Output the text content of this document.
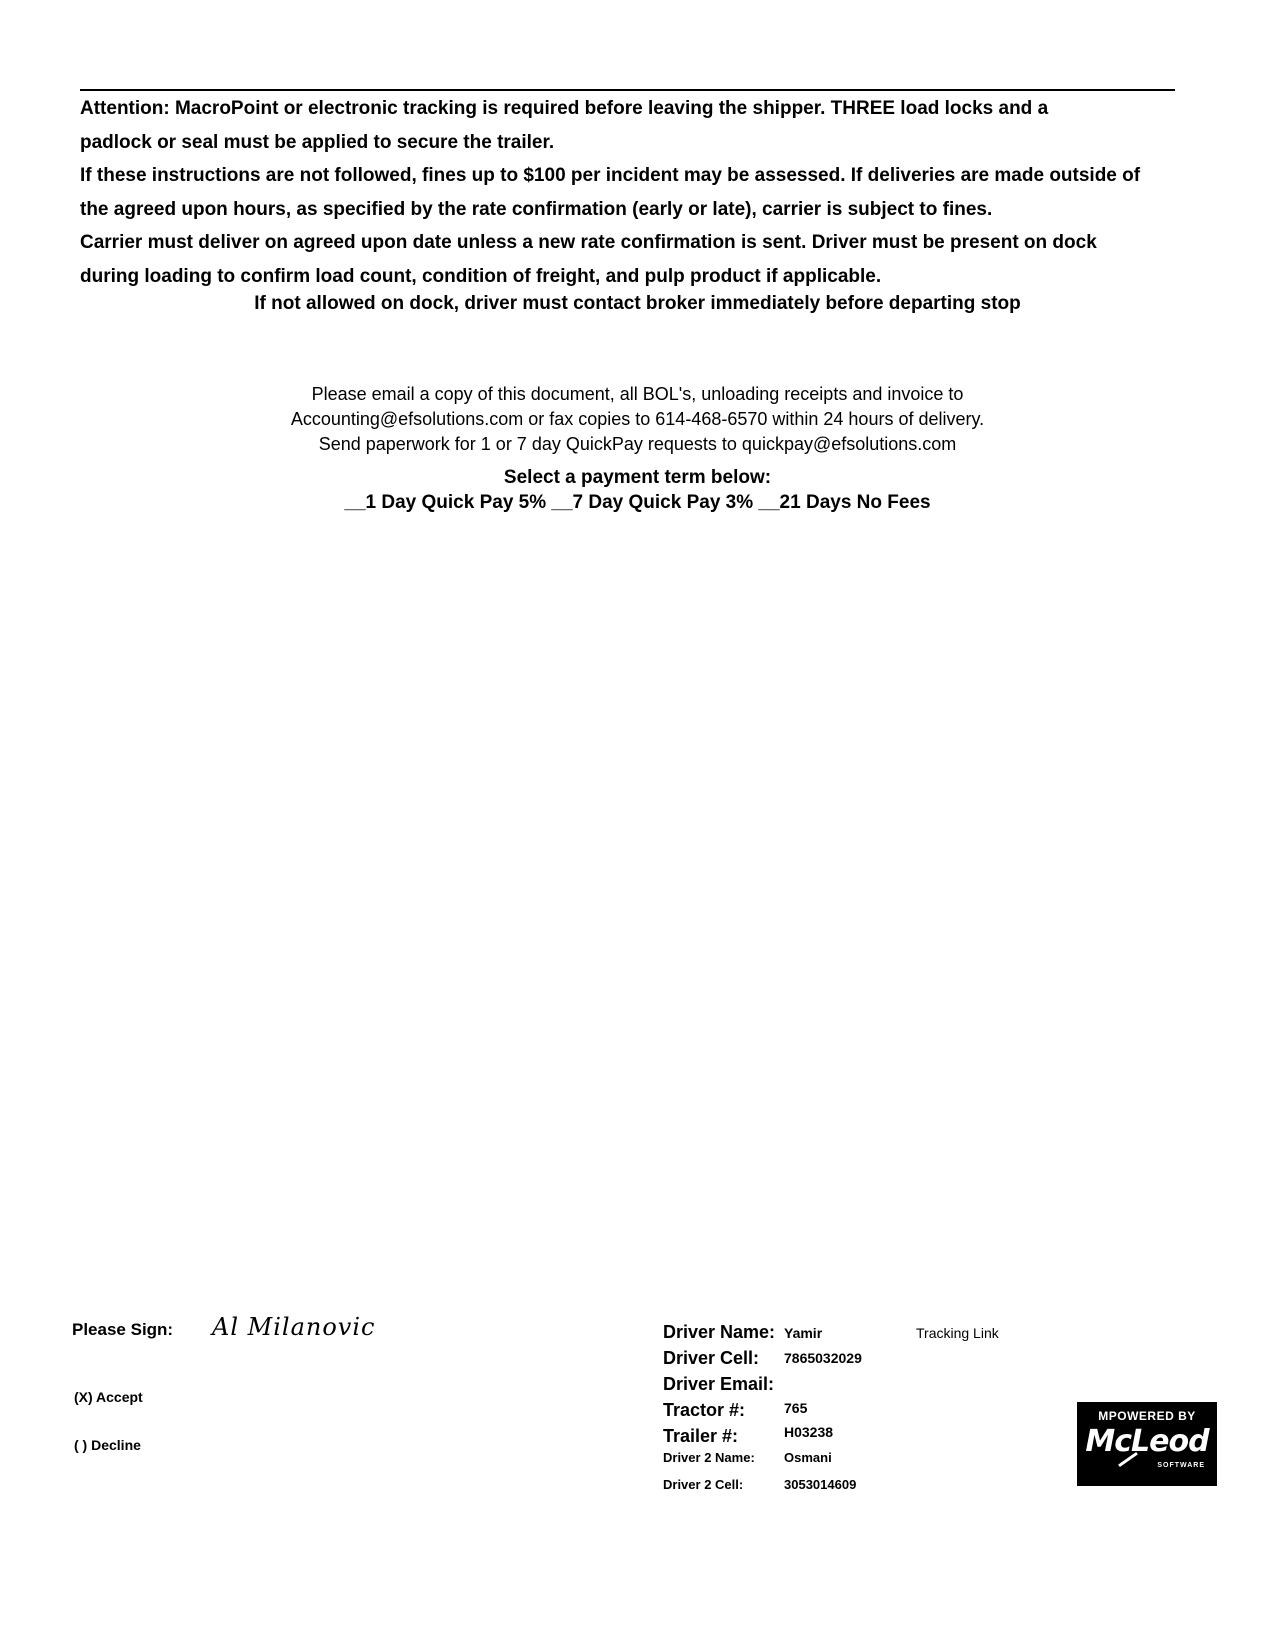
Attention: MacroPoint or electronic tracking is required before leaving the shipper. THREE load locks and a

padlock or seal must be applied to secure the trailer.

If these instructions are not followed, fines up to $100 per incident may be assessed. If deliveries are made outside of

the agreed upon hours, as specified by the rate confirmation (early or late), carrier is subject to fines.

Carrier must deliver on agreed upon date unless a new rate confirmation is sent. Driver must be present on dock

during loading to confirm load count, condition of freight, and pulp product if applicable.

If not allowed on dock, driver must contact broker immediately before departing stop

Please email a copy of this document, all BOL's, unloading receipts and invoice to

Accounting@efsolutions.com or fax copies to 614-468-6570 within 24 hours of delivery.

Send paperwork for 1 or 7 day QuickPay requests to quickpay@efsolutions.com

Select a payment term below:
__1 Day Quick Pay 5% __7 Day Quick Pay 3% __21 Days No Fees
Please Sign: Al Milanovic
(X) Accept
( ) Decline
Driver Name: Yamir	Tracking Link
Driver Cell: 7865032029
Driver Email:
Tractor #:	765
Trailer #:	H03238
Driver 2 Name: Osmani
Driver 2 Cell:	3053014609
MPOWERED BY
McLeod
SOFTWARE
